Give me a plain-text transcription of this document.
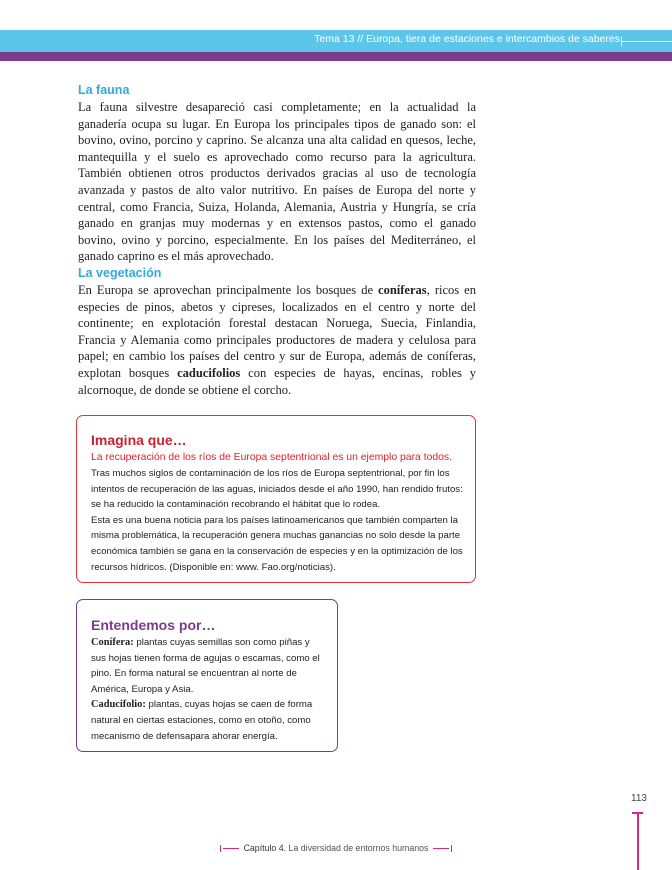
Tema 13 // Europa, tiera de estaciones e intercambios de saberes
La fauna

La fauna silvestre desapareció casi completamente; en la actualidad la ganadería ocupa su lugar. En Europa los principales tipos de ganado son: el bovino, ovino, porcino y caprino. Se alcanza una alta calidad en quesos, leche, mantequilla y el suelo es aprovechado como recurso para la agricultura. También obtienen otros productos derivados gracias al uso de tecnología avanzada y pastos de alto valor nutritivo. En países de Europa del norte y central, como Francia, Suiza, Holanda, Alemania, Austria y Hungría, se cría ganado en granjas muy modernas y en extensos pastos, como el ganado bovino, ovino y porcino, especialmente. En los países del Mediterráneo, el ganado caprino es el más aprovechado.

La vegetación

En Europa se aprovechan principalmente los bosques de coníferas, ricos en especies de pinos, abetos y cipreses, localizados en el centro y norte del continente; en explotación forestal destacan Noruega, Suecia, Finlandia, Francia y Alemania como principales productores de madera y celulosa para papel; en cambio los países del centro y sur de Europa, además de coníferas, explotan bosques caducifolios con especies de hayas, encinas, robles y alcornoque, de donde se obtiene el corcho.

Imagina que…

La recuperación de los ríos de Europa septentrional es un ejemplo para todos.

Tras muchos siglos de contaminación de los ríos de Europa septentrional, por fin los intentos de recuperación de las aguas, iniciados desde el año 1990, han rendido frutos: se ha reducido la contaminación recobrando el hábitat que lo rodea.

Esta es una buena noticia para los países latinoamericanos que también comparten la misma problemática, la recuperación genera muchas ganancias no solo desde la parte económica también se gana en la conservación de especies y en la optimización de los recursos hídricos. (Disponible en: www. Fao.org/noticias).

Entendemos por…

Conífera: plantas cuyas semillas son como piñas y sus hojas tienen forma de agujas o escamas, como el pino. En forma natural se encuentran al norte de América, Europa y Asia.

Caducifolio: plantas, cuyas hojas se caen de forma natural en ciertas estaciones, como en otoño, como mecanismo de defensapara ahorar energía.

113
Capítulo 4. La diversidad de entornos humanos
